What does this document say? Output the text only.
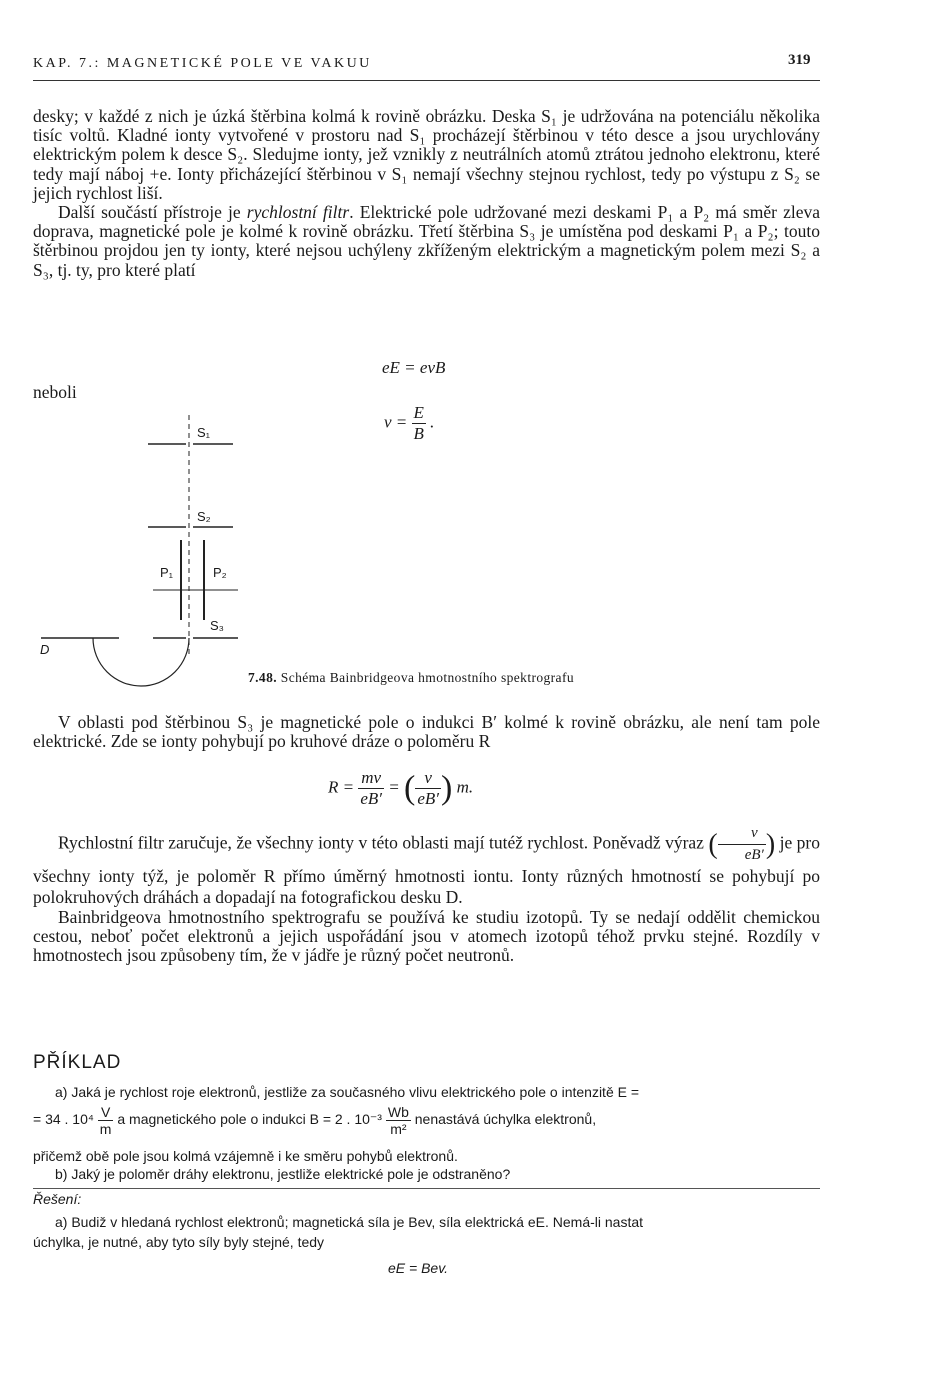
KAP. 7.: MAGNETICKÉ POLE VE VAKUU	319

desky; v každé z nich je úzká štěrbina kolmá k rovině obrázku. Deska S₁ je udržována na potenciálu několika tisíc voltů. Kladné ionty vytvořené v prostoru nad S₁ procházejí štěrbinou v této desce a jsou urychlovány elektrickým polem k desce S₂. Sledujme ionty, jež vznikly z neutrálních atomů ztrátou jednoho elektronu, které tedy mají náboj +e. Ionty přicházející štěrbinou v S₁ nemají všechny stejnou rychlost, tedy po výstupu z S₂ se jejich rychlost liší.

Další součástí přístroje je rychlostní filtr. Elektrické pole udržované mezi deskami P₁ a P₂ má směr zleva doprava, magnetické pole je kolmé k rovině obrázku. Třetí štěrbina S₃ je umístěna pod deskami P₁ a P₂; touto štěrbinou projdou jen ty ionty, které nejsou uchýleny zkříženým elektrickým a magnetickým polem mezi S₂ a S₃, tj. ty, pro které platí

eE = evB
neboli
$v = \frac{E}{B}$ .
S₁
S₂
P₁	P₂
S₃
D
7.48. Schéma Bainbridgeova hmotnostního spektrografu

V oblasti pod štěrbinou S₃ je magnetické pole o indukci B′ kolmé k rovině obrázku, ale není tam pole elektrické. Zde se ionty pohybují po kruhové dráze o poloměru R

$R = \frac{mv}{eB'}$ = ( $\frac{v}{eB'}$ ) m.

Rychlostní filtr zaručuje, že všechny ionty v této oblasti mají tutéž rychlost. Poněvadž výraz ( $\frac{v}{eB'}$ ) je pro všechny ionty týž, je poloměr R přímo úměrný hmotnosti iontu. Ionty různých hmotností se pohybují po polokruhových dráhách a dopadají na fotografickou desku D.

Bainbridgeova hmotnostního spektrografu se používá ke studiu izotopů. Ty se nedají oddělit chemickou cestou, neboť počet elektronů a jejich uspořádání jsou v atomech izotopů téhož prvku stejné. Rozdíly v hmotnostech jsou způsobeny tím, že v jádře je různý počet neutronů.

PŘÍKLAD
a) Jaká je rychlost roje elektronů, jestliže za současného vlivu elektrického pole o intenzitě E =
= 34 . $10^4 \frac{V}{m}$ a magnetického pole o indukci B = 2 . $10^{-3} \frac{Wb}{\text{m²}}$ nenastává úchylka elektronů,
přičemž obě pole jsou kolmá vzájemně i ke směru pohybů elektronů.
b) Jaký je poloměr dráhy elektronu, jestliže elektrické pole je odstraněno?
Řešení:
a) Budiž v hledaná rychlost elektronů; magnetická síla je Bev, síla elektrická eE. Nemá-li nastat
úchylka, je nutné, aby tyto síly byly stejné, tedy
eE = Bev.
